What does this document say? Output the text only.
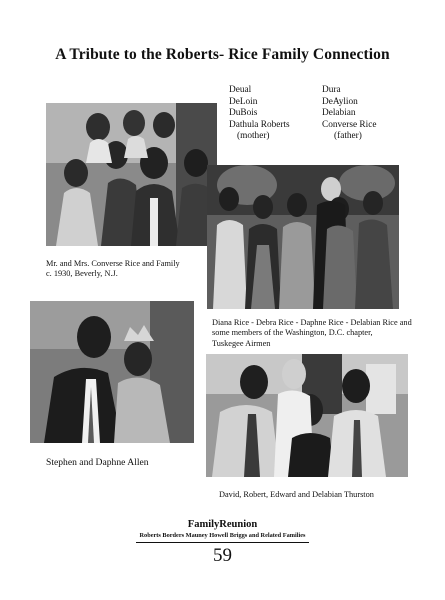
A Tribute to the Roberts- Rice Family Connection
Deual
DeLoin
DuBois
Dathula Roberts
(mother)
Dura
DeAylion
Delabian
Converse Rice
(father)
Mr. and Mrs. Converse Rice and Family
c. 1930, Beverly, N.J.
Diana Rice - Debra Rice - Daphne Rice - Delabian Rice and
some members of the Washington, D.C. chapter,
Tuskegee Airmen
Stephen and Daphne Allen
David, Robert, Edward and Delabian Thurston
FamilyReunion
Roberts Borders Mauney Howell Briggs and Related Families
59
